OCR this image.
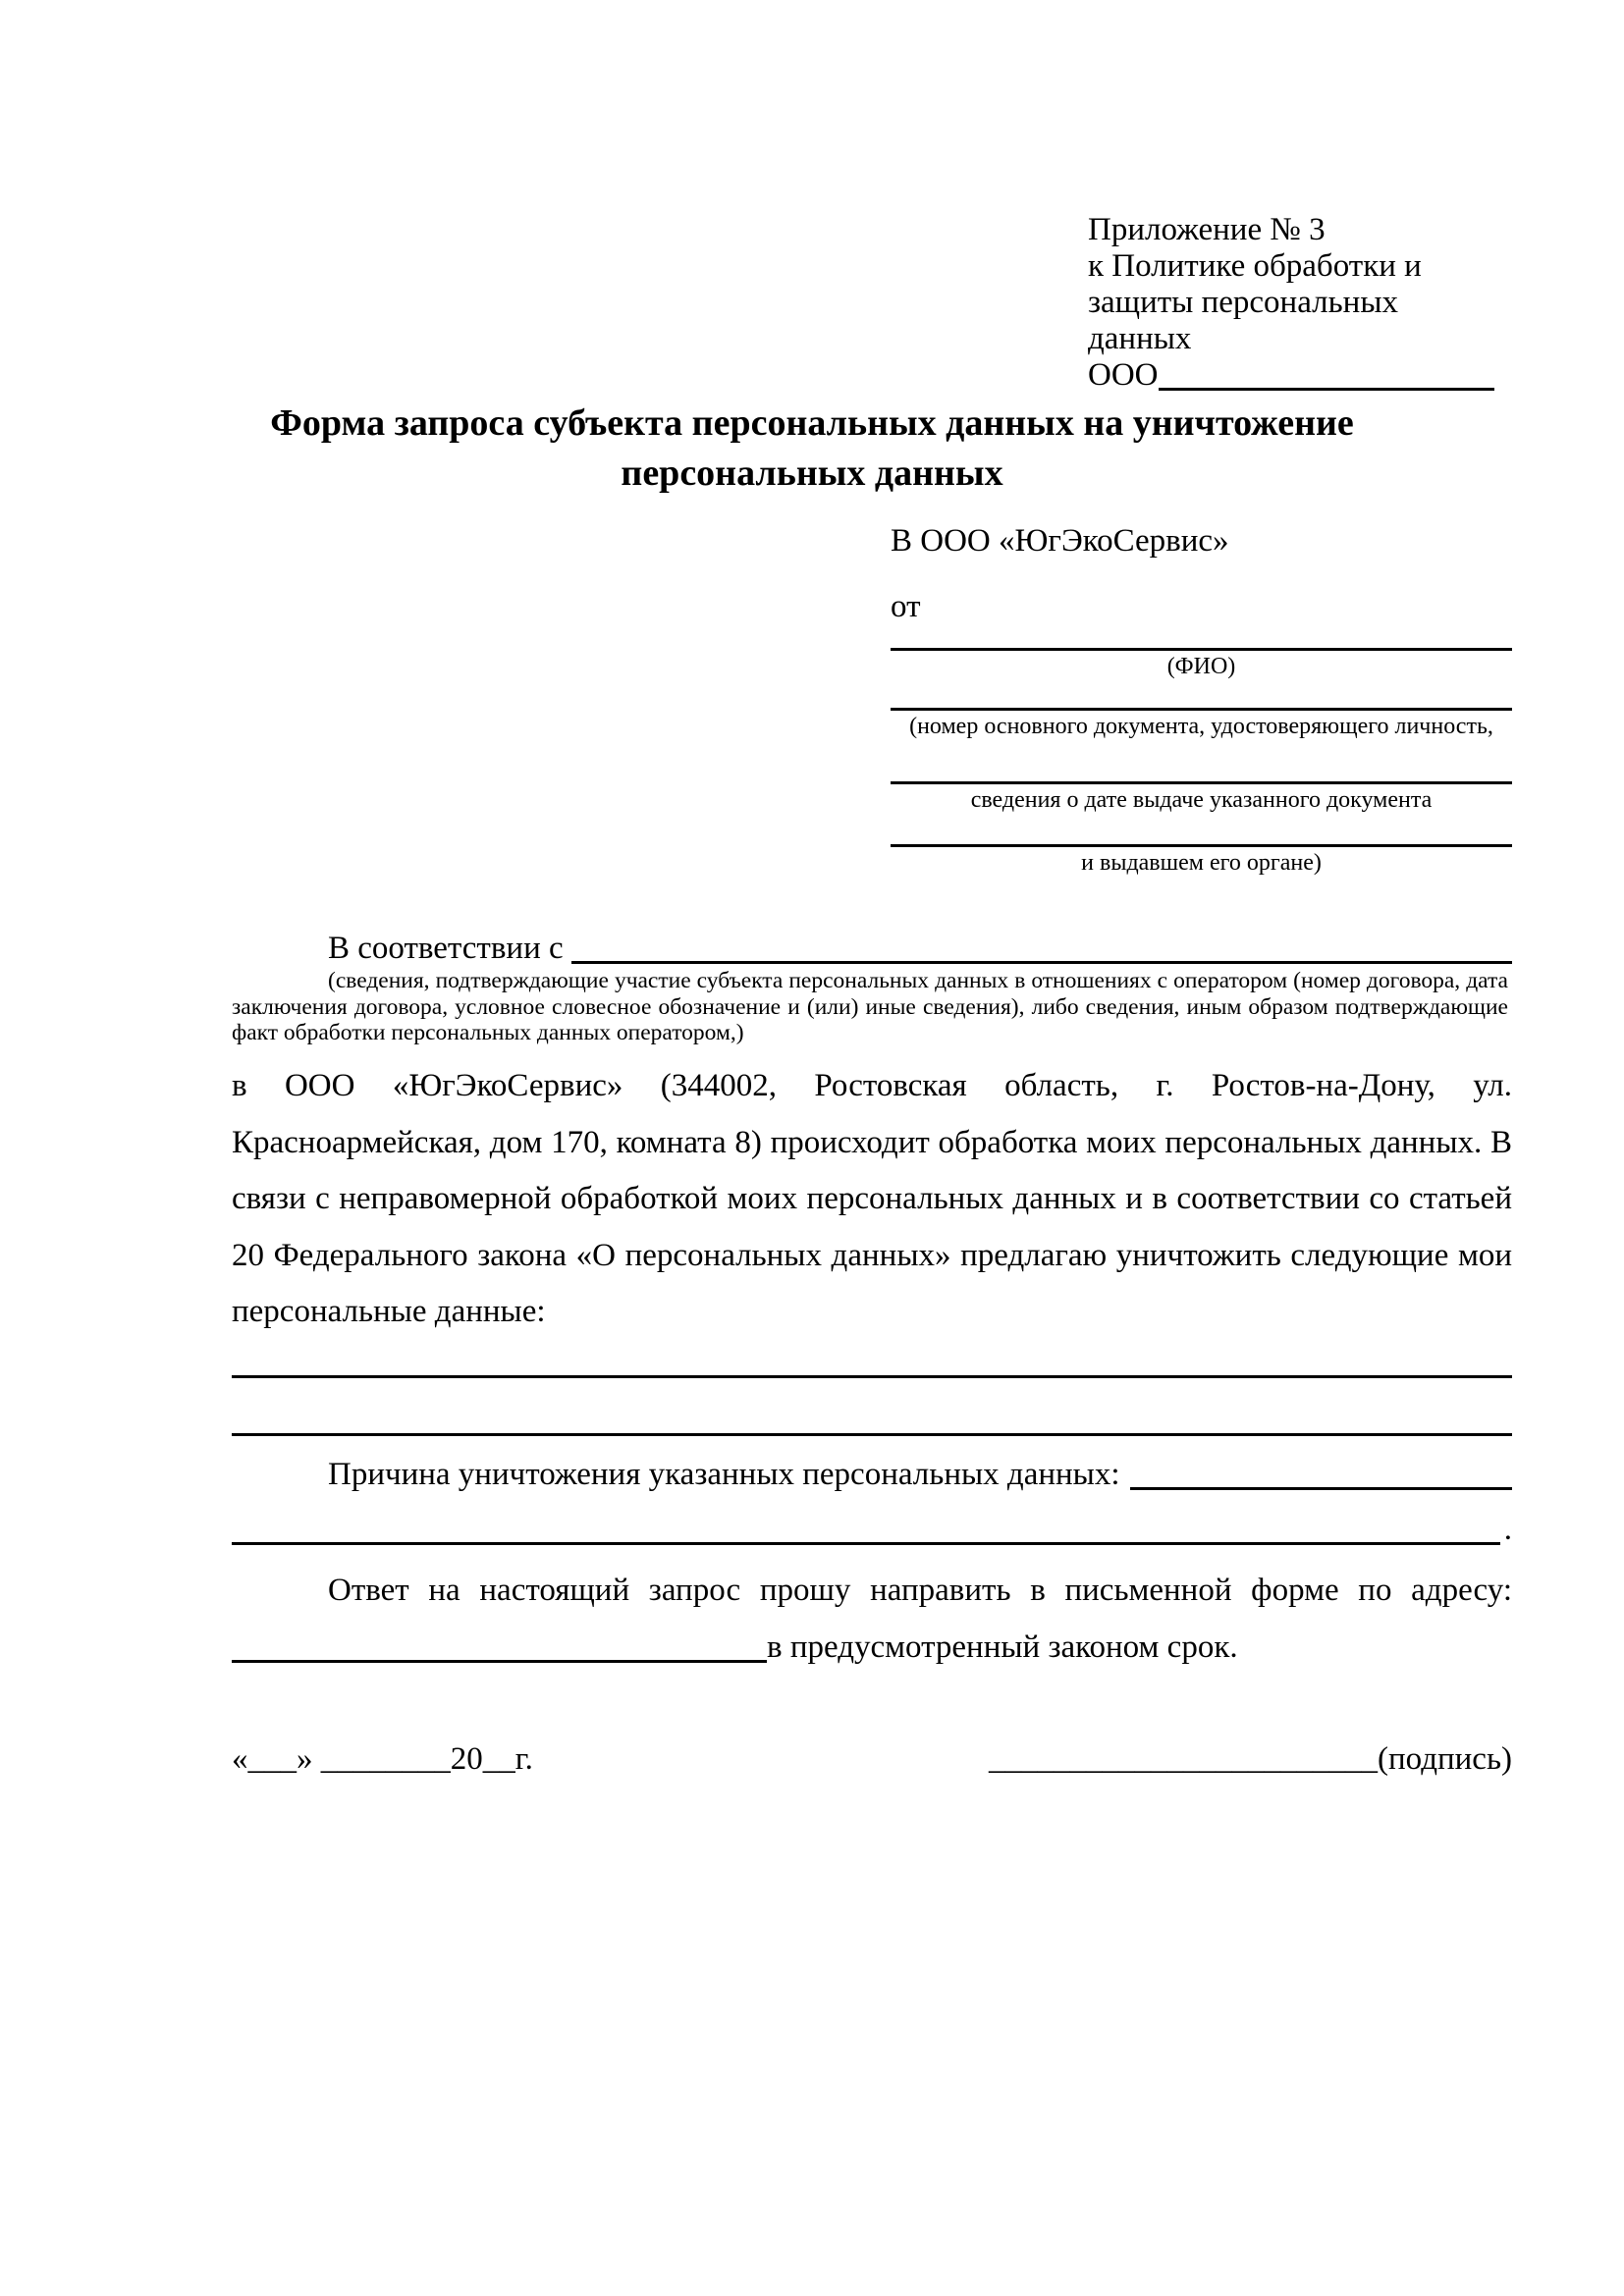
Приложение № 3
к Политике обработки и
защиты персональных данных
ООО
Форма запроса субъекта персональных данных на уничтожение
персональных данных
В ООО «ЮгЭкоСервис»
от
(ФИО)
(номер основного документа, удостоверяющего личность,
сведения о дате выдаче указанного документа
и выдавшем его органе)
В соответствии с
(сведения, подтверждающие участие субъекта персональных данных в отношениях с оператором (номер договора, дата заключения договора, условное словесное обозначение и (или) иные сведения), либо сведения, иным образом подтверждающие факт обработки персональных данных оператором,)
в ООО «ЮгЭкоСервис» (344002, Ростовская область, г. Ростов-на-Дону, ул. Красноармейская, дом 170, комната 8) происходит обработка моих персональных данных. В связи с неправомерной обработкой моих персональных данных и в соответствии со статьей 20 Федерального закона «О персональных данных» предлагаю уничтожить следующие мои персональные данные:
Причина уничтожения указанных персональных данных:
.
Ответ на настоящий запрос прошу направить в письменной форме по адресу:
в предусмотренный законом срок.
«___» ________20__г.	________________________(подпись)
